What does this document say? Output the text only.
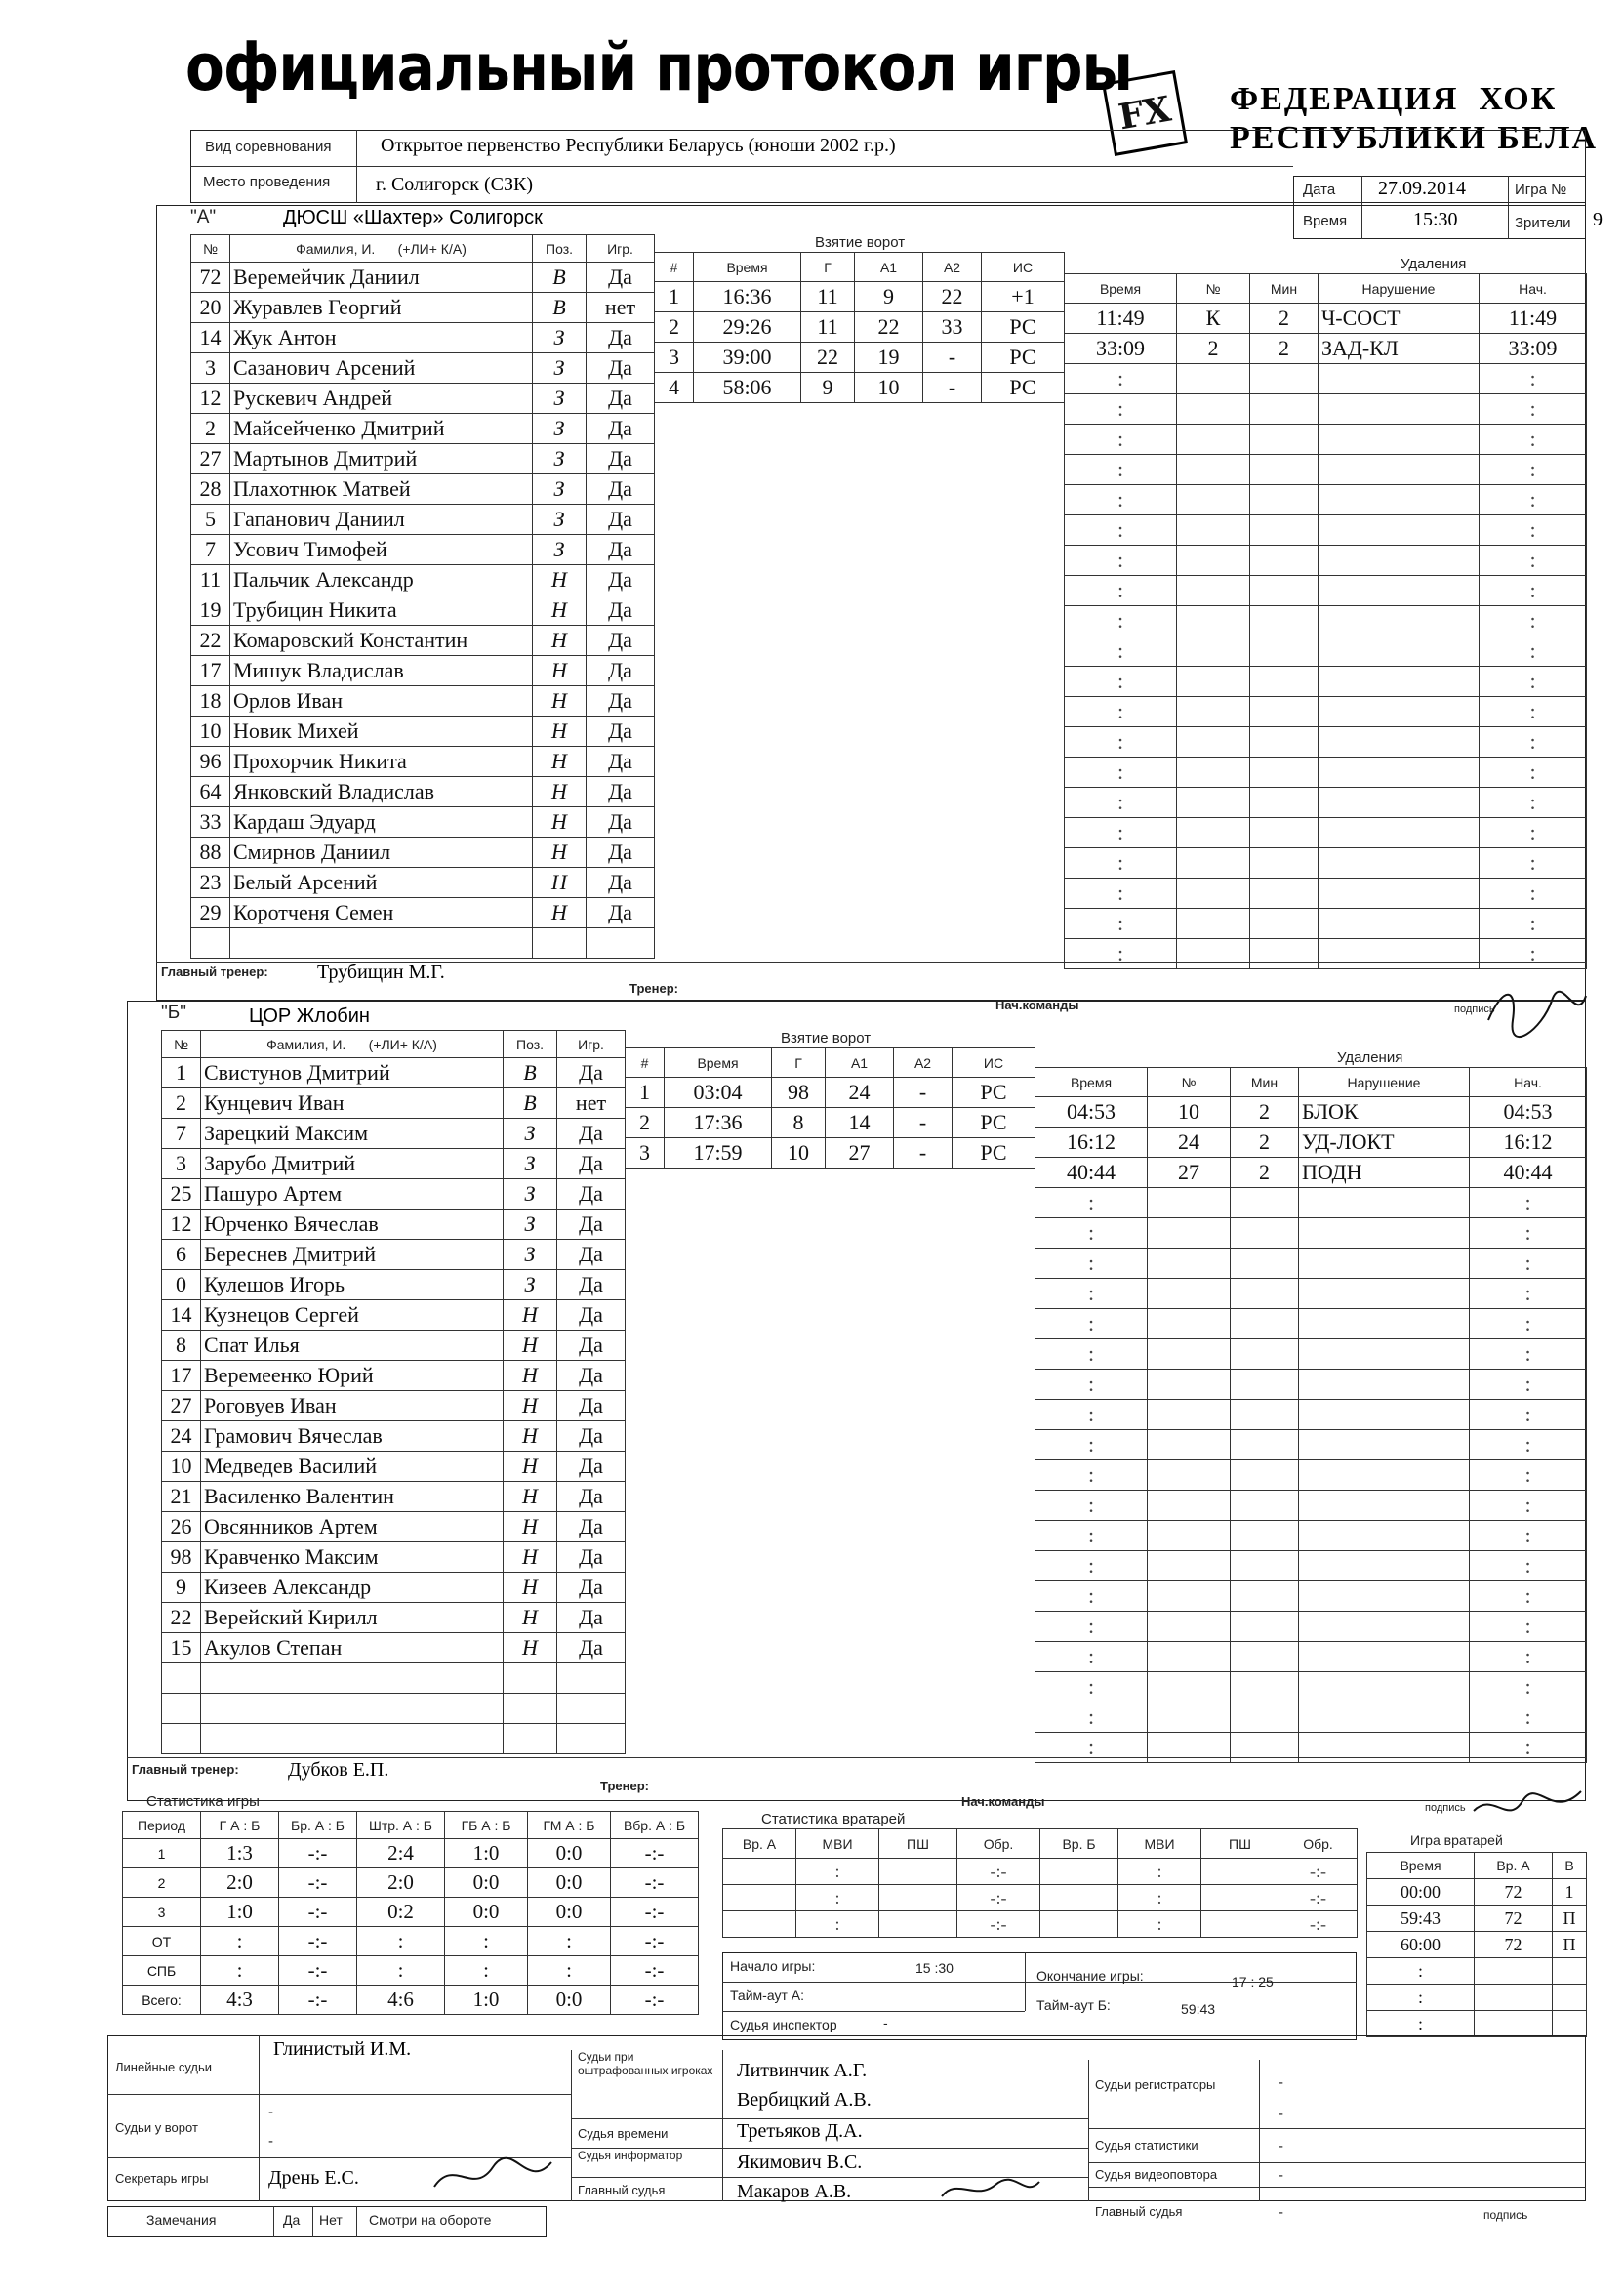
официальный протокол игры
FX	ФЕДЕРАЦИЯ  ХОК
РЕСПУБЛИКИ БЕЛА
Вид соревнования	Открытое первенство Республики Беларусь (юноши 2002 г.р.)
Место проведения г. Солигорск (СЗК)	Дата 27.09.2014	Игра №
Время	15:30	Зрители 9
"А"	ДЮСШ «Шахтер» Солигорск
№	Фамилия, И. (+ЛИ+ К/А)	Поз.	Игр.
72	Веремейчик Даниил	В	Да
20	Журавлев Георгий	В	нет
14	Жук Антон	З	Да
3	Сазанович Арсений	З	Да
12	Рускевич Андрей	З	Да
2	Майсейченко Дмитрий	З	Да
27	Мартынов Дмитрий	З	Да
28	Плахотнюк Матвей	З	Да
5	Гапанович Даниил	З	Да
7	Усович Тимофей	З	Да
11	Пальчик Александр	Н	Да
19	Трубицин Никита	Н	Да
22	Комаровский Константин	Н	Да
17	Мишук Владислав	Н	Да
18	Орлов Иван	Н	Да
10	Новик Михей	Н	Да
96	Прохорчик Никита	Н	Да
64	Янковский Владислав	Н	Да
33	Кардаш Эдуард	Н	Да
88	Смирнов Даниил	Н	Да
23	Белый Арсений	Н	Да
29	Коротченя Семен	Н	Да

Взятие ворот
#	Время	Г	А1	А2	ИС
1	16:36	11	9	22	+1
2	29:26	11	22	33	РС
3	39:00	22	19	-	РС
4	58:06	9	10	-	РС
Удаления
Время	№	Мин	Нарушение	Нач.
11:49	К	2	Ч-СОСТ	11:49
33:09	2	2	ЗАД-КЛ	33:09
:				:
:				:
:				:
:				:
:				:
:				:
:				:
:				:
:				:
:				:
:				:
:				:
:				:
:				:
:				:
:				:
:				:
:				:
:				:
:				:
Главный тренер:	Трубищин М.Г.
Тренер:
Нач.команды	подпись
"Б"	ЦОР Жлобин
№	Фамилия, И. (+ЛИ+ К/А)	Поз.	Игр.
1	Свистунов Дмитрий	В	Да
2	Кунцевич Иван	В	нет
7	Зарецкий Максим	З	Да
3	Зарубо Дмитрий	З	Да
25	Пашуро Артем	З	Да
12	Юрченко Вячеслав	З	Да
6	Береснев Дмитрий	З	Да
0	Кулешов Игорь	З	Да
14	Кузнецов Сергей	Н	Да
8	Спат Илья	Н	Да
17	Веремеенко Юрий	Н	Да
27	Роговуев Иван	Н	Да
24	Грамович Вячеслав	Н	Да
10	Медведев Василий	Н	Да
21	Василенко Валентин	Н	Да
26	Овсянников Артем	Н	Да
98	Кравченко Максим	Н	Да
9	Кизеев Александр	Н	Да
22	Верейский Кирилл	Н	Да
15	Акулов Степан	Н	Да

Взятие ворот
#	Время	Г	А1	А2	ИС
1	03:04	98	24	-	РС
2	17:36	8	14	-	РС
3	17:59	10	27	-	РС
Удаления
Время	№	Мин	Нарушение	Нач.
04:53	10	2	БЛОК	04:53
16:12	24	2	УД-ЛОКТ	16:12
40:44	27	2	ПОДН	40:44
:				:
:				:
:				:
:				:
:				:
:				:
:				:
:				:
:				:
:				:
:				:
:				:
:				:
:				:
:				:
:				:
:				:
:				:
:				:
Главный тренер:	Дубков Е.П.
Тренер:
Нач.команды	подпись
Статистика игры
Период	Г А : Б	Бр. А : Б	Штр. А : Б	ГБ А : Б	ГМ А : Б	Вбр. А : Б
1	1:3	-:-	2:4	1:0	0:0	-:-
2	2:0	-:-	2:0	0:0	0:0	-:-
3	1:0	-:-	0:2	0:0	0:0	-:-
ОТ	:	-:-	:	:	:	-:-
СПБ	:	-:-	:	:	:	-:-
Всего:	4:3	-:-	4:6	1:0	0:0	-:-
Статистика вратарей
Вр. А	МВИ	ПШ	Обр.	Вр. Б	МВИ	ПШ	Обр.
	:		-:-		:		-:-
	:		-:-		:		-:-
	:		-:-		:		-:-
Начало игры:	15 :30	Окончание игры:	17 : 25
Тайм-аут А:
Тайм-аут Б:	59:43
Судья инспектор	-
Игра вратарей
Время	Вр. А	В
00:00	72	1
59:43	72	П
60:00	72	П
:		
:		
:		
Линейные судьи
Глинистый И.М.
Судьи у ворот
-
-
Секретарь игры	Дрень Е.С.
Судьи при оштрафованных игроках Литвинчик А.Г.
Вербицкий А.В.
Судья времени	Третьяков Д.А.
Судья информатор	Якимович В.С.
Главный судья	Макаров А.В.
Судьи регистраторы	-
-
Судья статистики	-
Судья видеоповтора	-
Главный судья	-	подпись
Замечания	Да Нет Смотри на обороте
